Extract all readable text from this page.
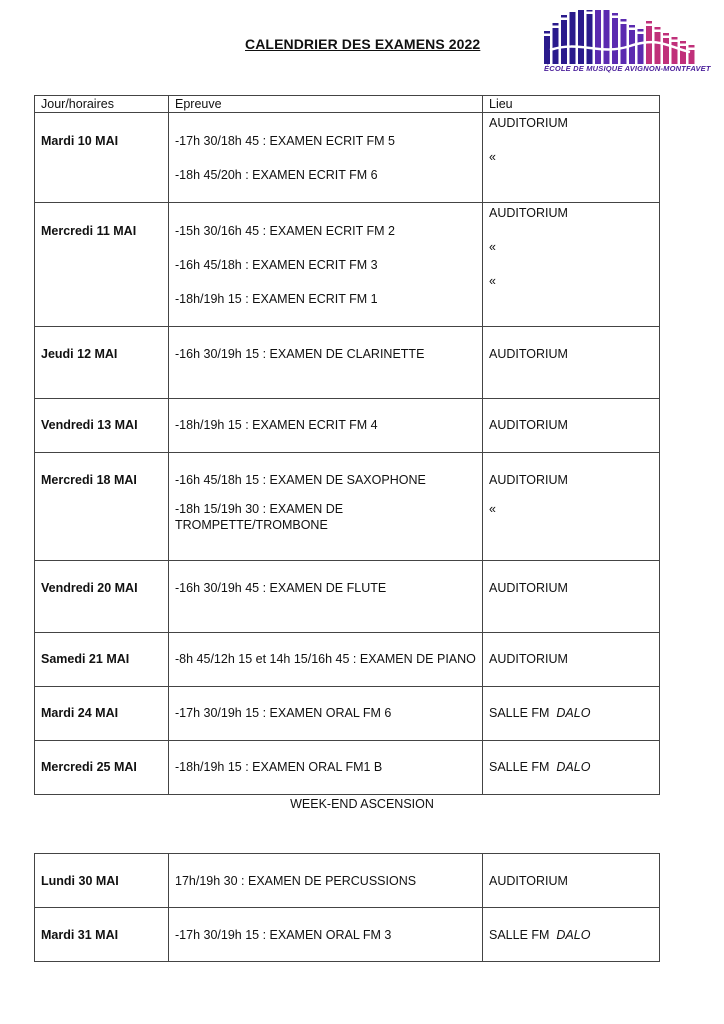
CALENDRIER DES EXAMENS 2022
ÉCOLE DE MUSIQUE AVIGNON-MONTFAVET
Jour/horaires	Epreuve	Lieu
Mardi 10 MAI	-17h 30/18h 45 : EXAMEN ECRIT FM 5
-18h 45/20h : EXAMEN ECRIT FM 6	AUDITORIUM
«

Mercredi 11 MAI	-15h 30/16h 45 : EXAMEN ECRIT FM 2
-16h 45/18h : EXAMEN ECRIT FM 3
-18h/19h 15 : EXAMEN ECRIT FM 1	AUDITORIUM
«
«

Jeudi 12 MAI	-16h 30/19h 15 : EXAMEN DE CLARINETTE	AUDITORIUM

Vendredi 13 MAI	-18h/19h 15 : EXAMEN ECRIT FM 4	AUDITORIUM

Mercredi 18 MAI	-16h 45/18h 15 : EXAMEN DE SAXOPHONE
-18h 15/19h 30 : EXAMEN DE
TROMPETTE/TROMBONE	AUDITORIUM
«

Vendredi 20 MAI	-16h 30/19h 45 : EXAMEN DE FLUTE	AUDITORIUM

Samedi 21 MAI	-8h 45/12h 15 et 14h 15/16h 45 : EXAMEN DE PIANO	AUDITORIUM

Mardi 24 MAI	-17h 30/19h 15 : EXAMEN ORAL FM 6	SALLE FM DALO
Mercredi 25 MAI	-18h/19h 15 : EXAMEN ORAL FM1 B	SALLE FM DALO
WEEK-END ASCENSION
Lundi 30 MAI	17h/19h 30 : EXAMEN DE PERCUSSIONS	AUDITORIUM

Mardi 31 MAI	-17h 30/19h 15 : EXAMEN ORAL FM 3	SALLE FM DALO
